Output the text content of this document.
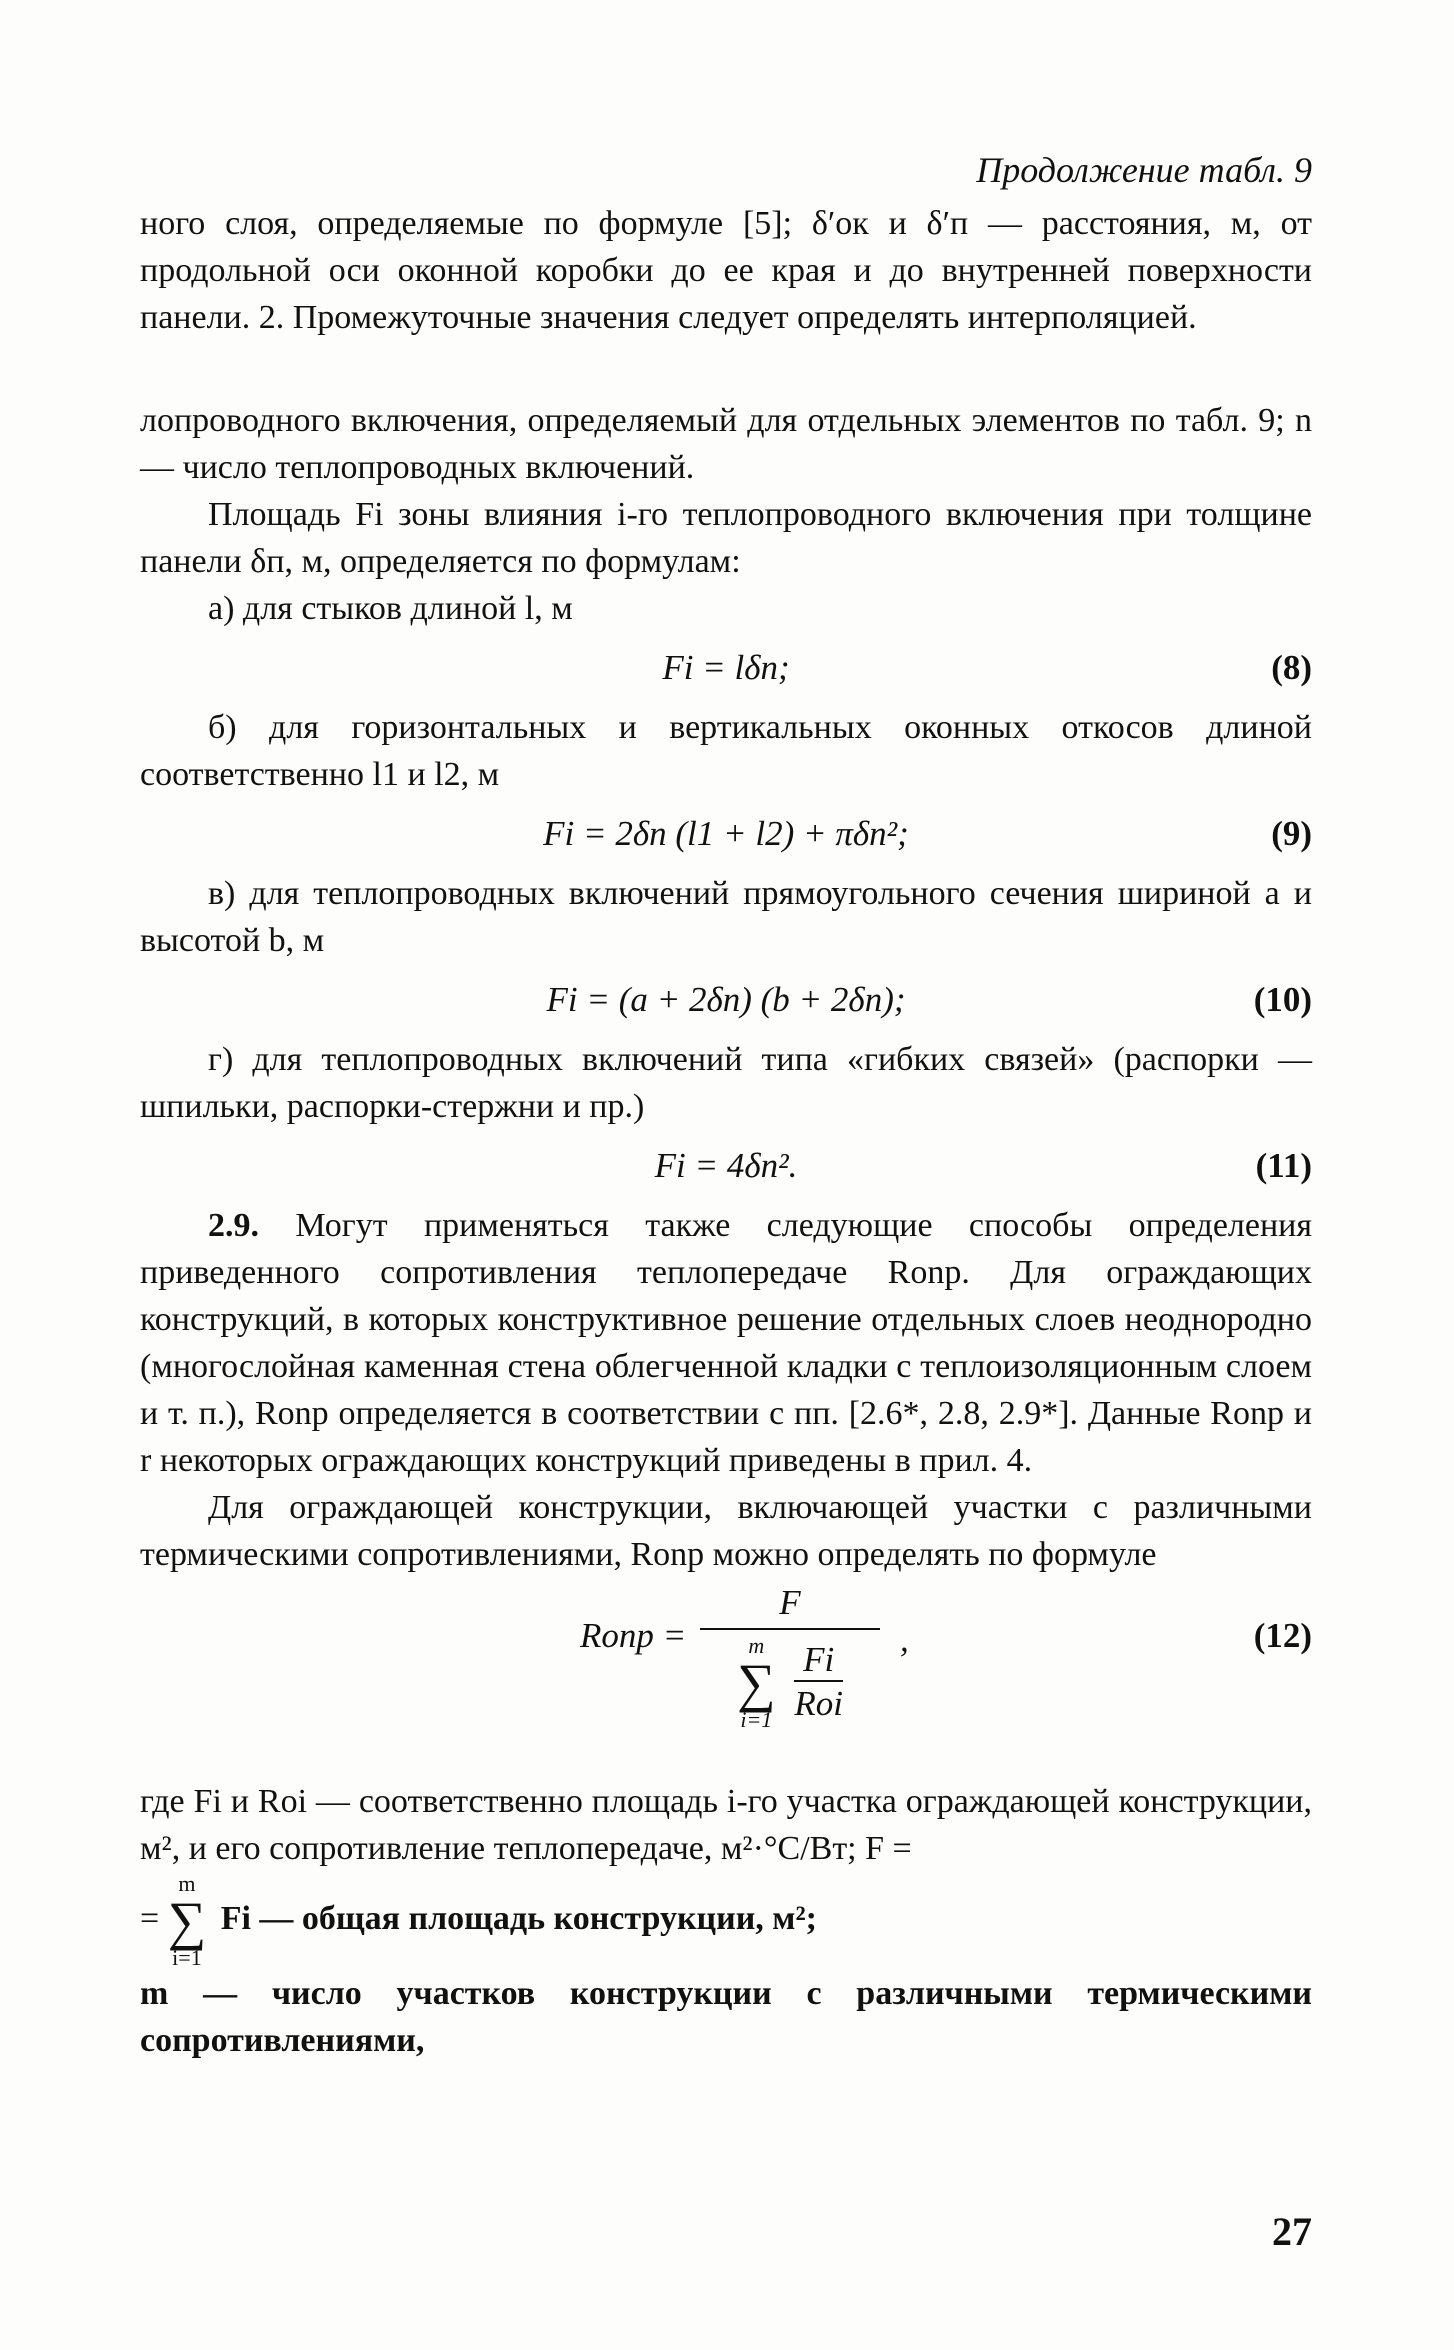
Продолжение табл. 9

ного слоя, определяемые по формуле [5]; δ′ок и δ′п — расстояния, м, от продольной оси оконной коробки до ее края и до внутренней поверхности панели. 2. Промежуточные значения следует определять интерполяцией.

лопроводного включения, определяемый для отдельных элементов по табл. 9; n — число теплопроводных включений.

Площадь Fi зоны влияния i-го теплопроводного включения при толщине панели δп, м, определяется по формулам:

а) для стыков длиной l, м

Fi = lδп;	(8)

б) для горизонтальных и вертикальных оконных откосов длиной соответственно l1 и l2, м

Fi = 2δп (l1 + l2) + πδп²;	(9)

в) для теплопроводных включений прямоугольного сечения шириной a и высотой b, м

Fi = (a + 2δп) (b + 2δп);	(10)

г) для теплопроводных включений типа «гибких связей» (распорки — шпильки, распорки-стержни и пр.)

Fi = 4δп².	(11)

2.9. Могут применяться также следующие способы определения приведенного сопротивления теплопередаче Rоnp. Для ограждающих конструкций, в которых конструктивное решение отдельных слоев неоднородно (многослойная каменная стена облегченной кладки с теплоизоляционным слоем и т. п.), Rоnp определяется в соответствии с пп. [2.6*, 2.8, 2.9*]. Данные Rоnp и r некоторых ограждающих конструкций приведены в прил. 4.

Для ограждающей конструкции, включающей участки с различными термическими сопротивлениями, Rоnp можно определять по формуле

Rоnp =
F
m
∑
i=1
$\frac{Fi}{\text{Roi}}$
,	(12)

где Fi и Roi — соответственно площадь i-го участка ограждающей конструкции, м², и его сопротивление теплопередаче, м²·°С/Вт; F =

=
m
∑
i=1
Fi — общая площадь конструкции, м²;

m — число участков конструкции с различными термическими сопротивлениями,

27
